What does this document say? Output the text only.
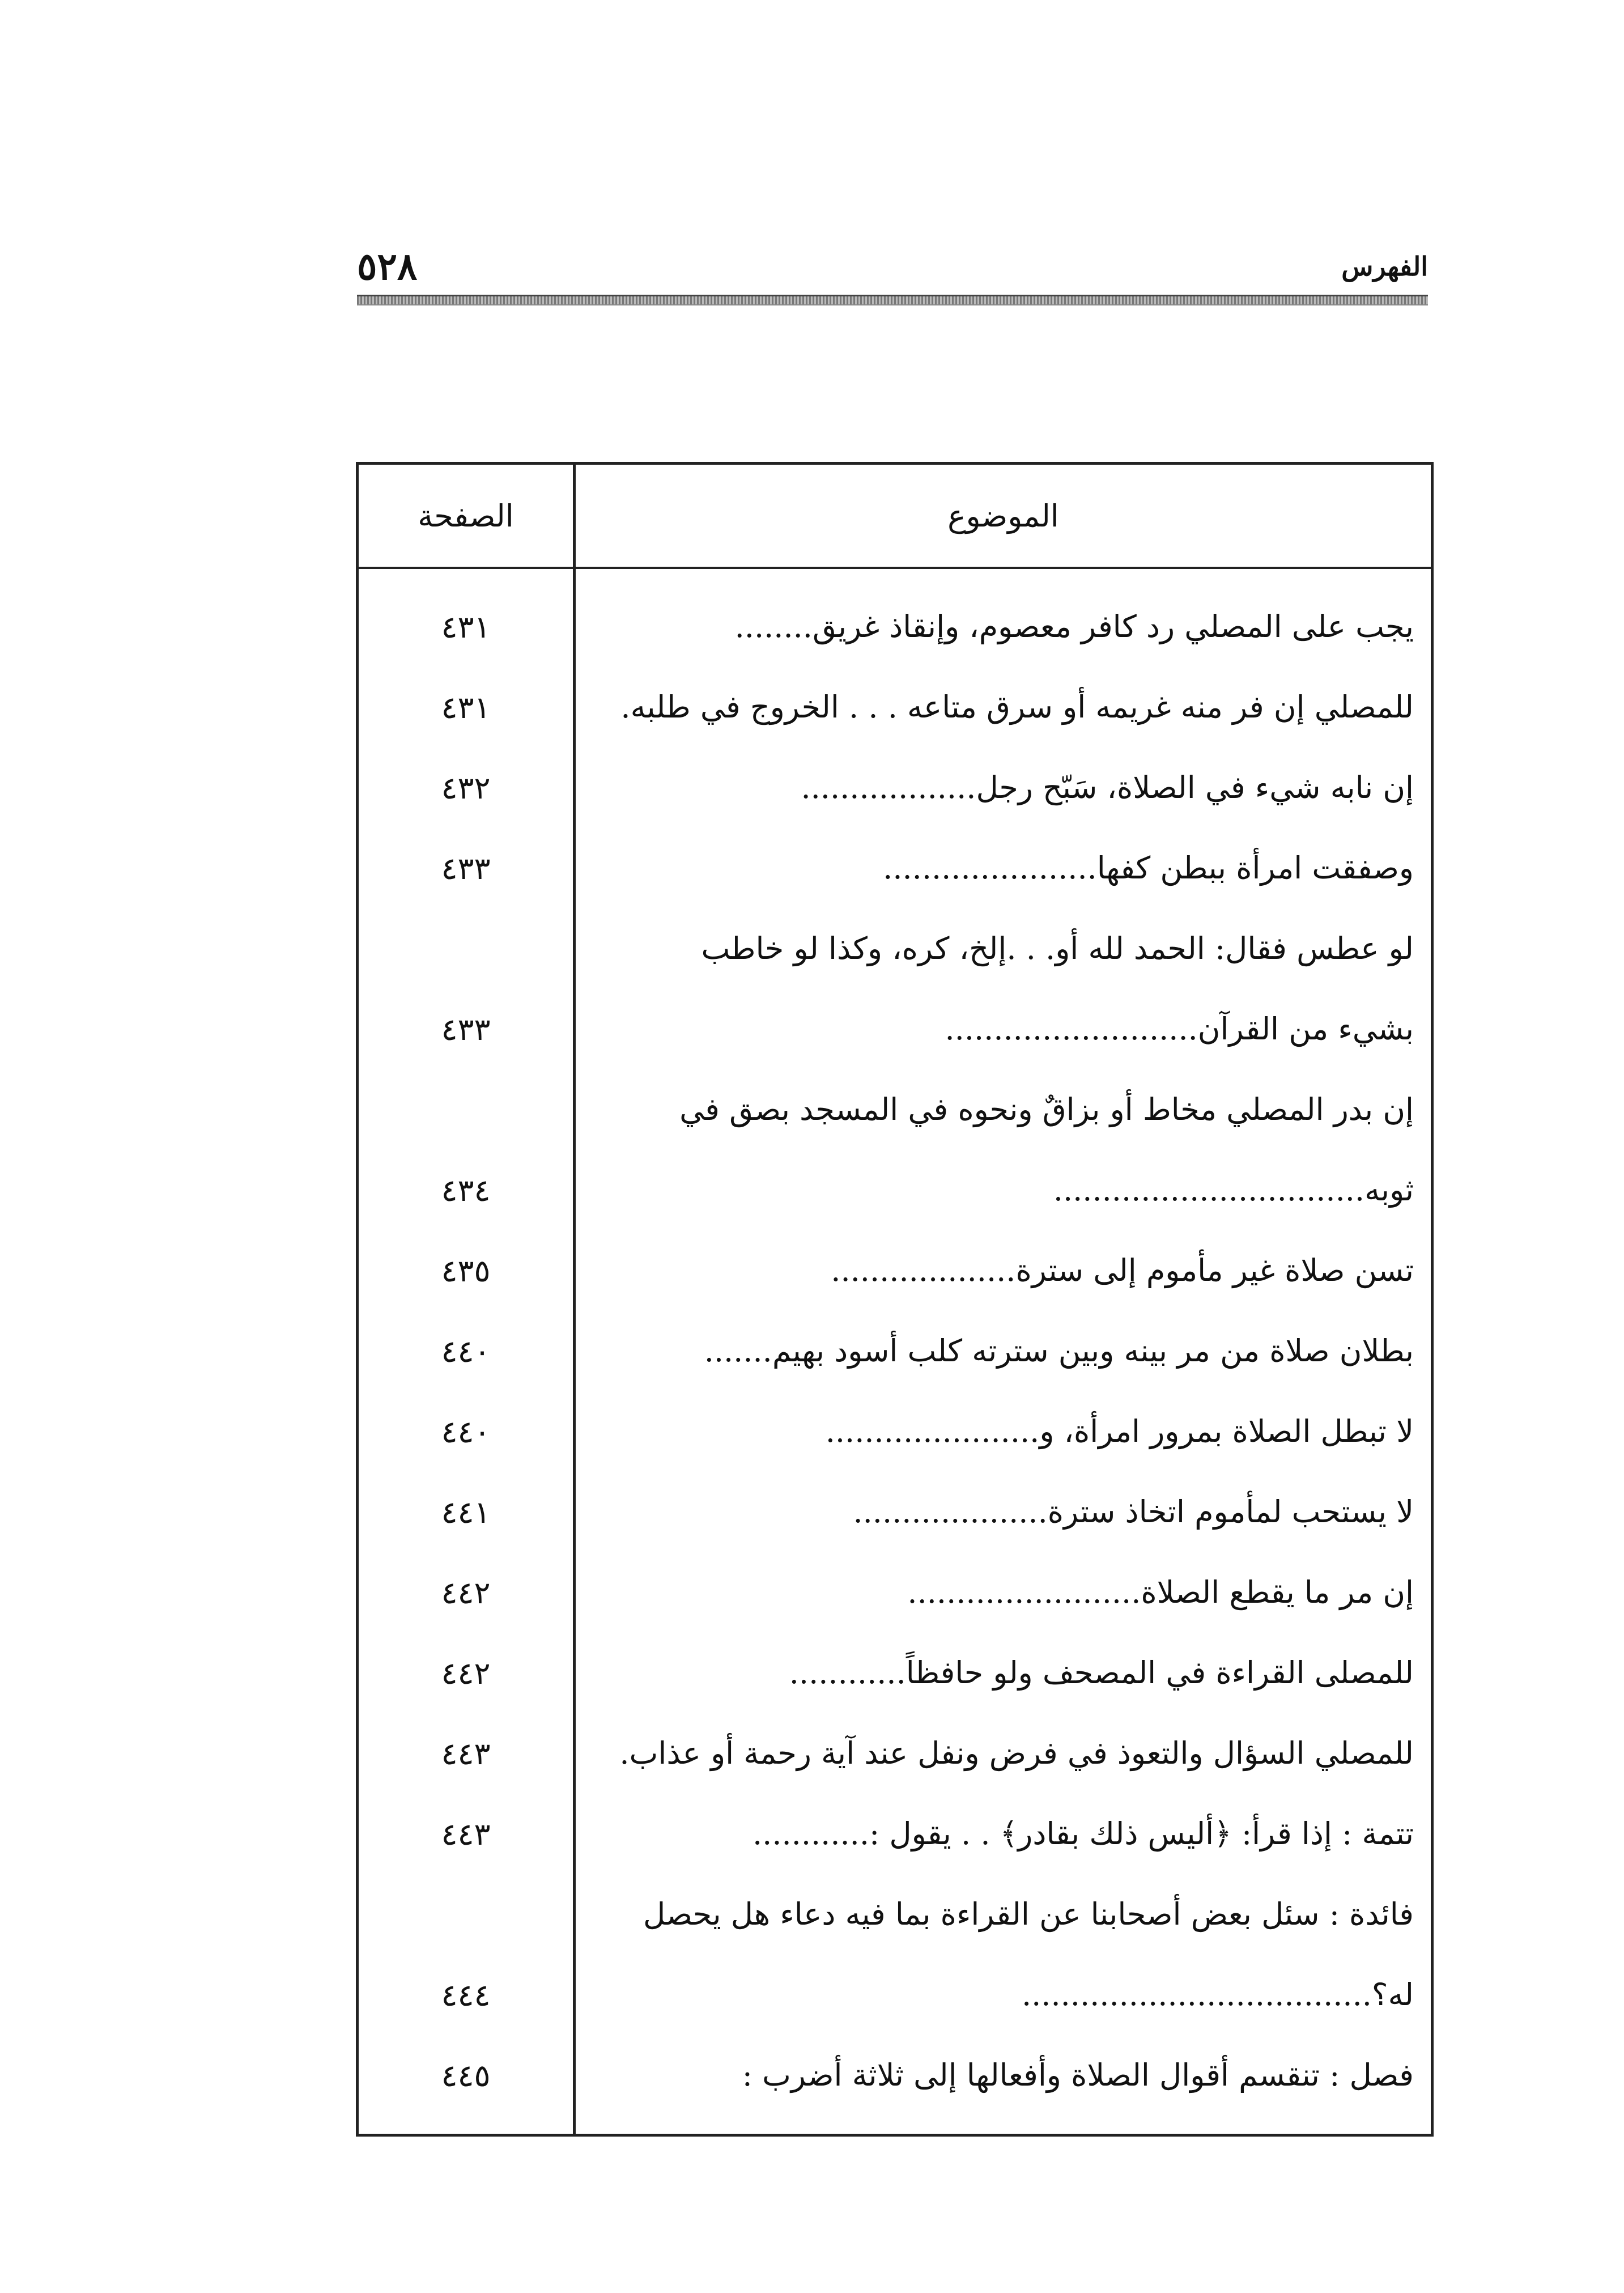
٥٢٨	الفهرس
الصفحة	الموضوع
يجب على المصلي رد كافر معصوم، وإنقاذ غريق........
٤٣١
للمصلي إن فر منه غريمه أو سرق متاعه . . . الخروج في طلبه.
٤٣١
إن نابه شيء في الصلاة، سَبّح رجل..................
٤٣٢
وصفقت امرأة ببطن كفها......................
٤٣٣
لو عطس فقال: الحمد لله أو. . .إلخ، كره، وكذا لو خاطب
بشيء من القرآن..........................
٤٣٣
إن بدر المصلي مخاط أو بزاقٌ ونحوه في المسجد بصق في
ثوبه................................
٤٣٤
تسن صلاة غير مأموم إلى سترة...................
٤٣٥
بطلان صلاة من مر بينه وبين سترته كلب أسود بهيم.......
٤٤٠
لا تبطل الصلاة بمرور امرأة، و......................
٤٤٠
لا يستحب لمأموم اتخاذ سترة....................
٤٤١
إن مر ما يقطع الصلاة........................
٤٤٢
للمصلى القراءة في المصحف ولو حافظاً............
٤٤٢
للمصلي السؤال والتعوذ في فرض ونفل عند آية رحمة أو عذاب.
٤٤٣
تتمة : إذا قرأ: ﴿أليس ذلك بقادر﴾ . . يقول :............
٤٤٣
فائدة : سئل بعض أصحابنا عن القراءة بما فيه دعاء هل يحصل
له؟....................................
٤٤٤
فصل : تنقسم أقوال الصلاة وأفعالها إلى ثلاثة أضرب :
٤٤٥
